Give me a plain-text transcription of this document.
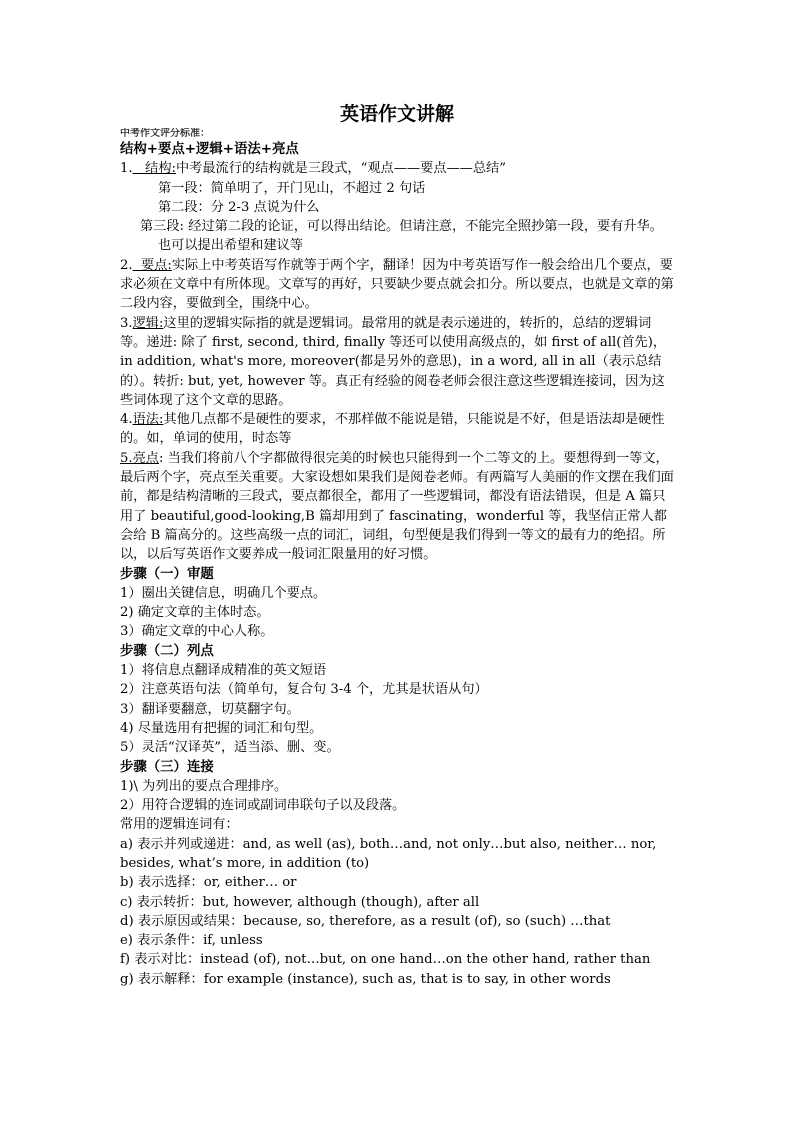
英语作文讲解

中考作文评分标准：

结构+要点+逻辑+语法+亮点

1.   结构:中考最流行的结构就是三段式，“观点——要点——总结”

第一段：简单明了，开门见山，不超过 2 句话

第二段：分 2-3 点说为什么

第三段: 经过第二段的论证，可以得出结论。但请注意，不能完全照抄第一段，要有升华。也可以提出希望和建议等

2.  要点:实际上中考英语写作就等于两个字，翻译！因为中考英语写作一般会给出几个要点，要求必须在文章中有所体现。文章写的再好，只要缺少要点就会扣分。所以要点，也就是文章的第二段内容，要做到全，围绕中心。

3.逻辑:这里的逻辑实际指的就是逻辑词。最常用的就是表示递进的，转折的，总结的逻辑词等。递进: 除了 first, second, third, finally 等还可以使用高级点的，如 first of all(首先)，in addition, what's more, moreover(都是另外的意思)，in a word, all in all（表示总结的）。转折: but, yet, however 等。真正有经验的阅卷老师会很注意这些逻辑连接词，因为这些词体现了这个文章的思路。

4.语法:其他几点都不是硬性的要求，不那样做不能说是错，只能说是不好，但是语法却是硬性的。如，单词的使用，时态等

5.亮点: 当我们将前八个字都做得很完美的时候也只能得到一个二等文的上。要想得到一等文，最后两个字，亮点至关重要。大家设想如果我们是阅卷老师。有两篇写人美丽的作文摆在我们面前，都是结构清晰的三段式，要点都很全，都用了一些逻辑词，都没有语法错误，但是 A 篇只用了 beautiful,good-looking,B 篇却用到了 fascinating，wonderful 等，我坚信正常人都会给 B 篇高分的。这些高级一点的词汇，词组，句型便是我们得到一等文的最有力的绝招。所以，以后写英语作文要养成一般词汇限量用的好习惯。

步骤（一）审题

1）圈出关键信息，明确几个要点。

2) 确定文章的主体时态。

3）确定文章的中心人称。

步骤（二）列点

1）将信息点翻译成精准的英文短语

2）注意英语句法（简单句，复合句 3-4 个，尤其是状语从句）

3）翻译要翻意，切莫翻字句。

4) 尽量选用有把握的词汇和句型。

5）灵活“汉译英”，适当添、删、变。

步骤（三）连接

1)\ 为列出的要点合理排序。

2）用符合逻辑的连词或副词串联句子以及段落。

常用的逻辑连词有：

a) 表示并列或递进：and, as well (as), both…and, not only…but also, neither… nor, besides, what’s more, in addition (to)

b) 表示选择：or, either… or

c) 表示转折：but, however, although (though), after all

d) 表示原因或结果：because, so, therefore, as a result (of), so (such) …that

e) 表示条件：if, unless

f) 表示对比：instead (of), not…but, on one hand…on the other hand, rather than

g) 表示解释：for example (instance), such as, that is to say, in other words
